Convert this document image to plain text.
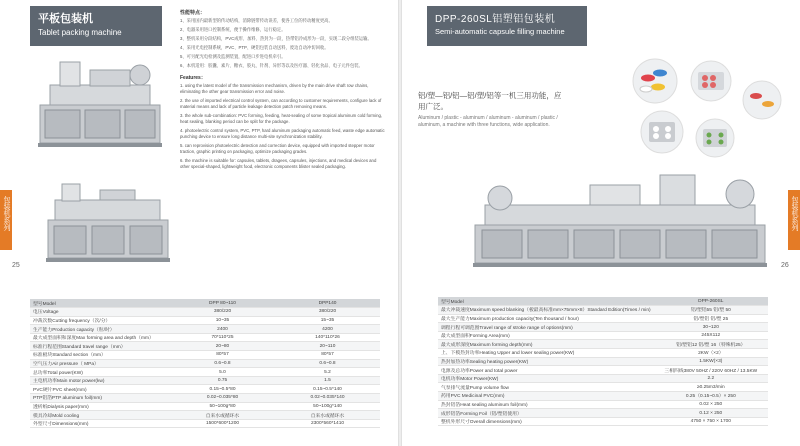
平板包装机
Tablet packing machine
性能特点：

1、采用国内最新型的传动结构，消除链带传动误差，使各工位的传动精度更高。

2、电器采用进口控制系统，便于操作维修，运行稳定。

3、整机采用分段结构，PVC成形、加料、热封为一段，热带铝冷成形为一段，实现二段分组装运输。

4、采用光电控制系统，PVC、PTP、硬铝包装自动送料，废边自动冲切回收。

5、可另配光电检测及监测装置，配进口步进电机牵引。

6、本机适用：胶囊、素片、糖衣、胶丸、针剂、异形等以及医疗器、轻化食品、电子元件包装。

Features：

1. using the latest model of the transmission mechanism, driven by the main drive shaft row chains, eliminating the other gear transmission error and noise.

2. the use of imported electrical control system, can according to customer requirements, configure lack of material means and lack of particle leakage detection patch removing means.

3. the whole sub-combination: PVC forming, feeding, heat-sealing of some tropical aluminum cold forming, heat sealing, blanking period can be split for the package.

4. photoelectric control system, PVC, PTP, hard aluminum packaging automatic feed, waste edge automatic punching device to ensure long distance multi-site synchronization stability.

5. can reprovision photoelectric detection and correction device, equipped with imported stepper motor traction, graphic printing on packaging, optimize packaging grades.

6. the machine is suitable for: capsules, tablets, dragees, capsules, injections, and medical devices and other special-shaped, lightweight food, electronic components blister sealed packaging.

型号Model	DPP 80~110	DPP140
电压Voltage	380/220	380/220
冲裁次数Cutting frequency（次/分）	10~35	15~35
生产能力Production capacity（粒/时）	2400	4200
最大成型面积和深度Max forming area and depth（mm）	70*110*25	140*110*26
标准行程范围Standard travel range（mm）	20~80	20~110
标准板块Standard section（mm）	80*57	80*57
空气压力Air pressure（ MPa）	0.6~0.8	0.6~0.8
总功率Total power(KW)	5.0	5.2
主电机功率Main motor power(kw)	0.75	1.5
PVC硬片PVC sheet(mm)	0.15~0.5*80	0.15~0.5*140
PTP铝箔PTP aluminum foil(mm)	0.02~0.035*80	0.02~0.035*140
透析纸Dialysis paper(mm)	50~100g*80	50~100g*140
模具冷却Mold cooling	自来水或循环水	自来水或循环水
外型尺寸Dimensions(mm)	1500*600*1200	2300*560*1410
包装机系列
25
DPP-260SL铝塑铝包装机
Semi-automatic capsule filling machine
铝/塑—铝/铝—铝/塑/铝等一机三用功能，应用广泛。
Aluminum / plastic - aluminum / aluminum - aluminum / plastic / aluminum, a machine with three functions, wide application.
包装机系列
26
型号Model	DPP-260SL
最大冲裁速度Maximum speed blanking（板最高标准mm×75mm×8）Standard Edition(Times / min)	铝/塑铝55 铝/塑 50
最大生产能力Maximum production capacity(Ten thousand / hour)	铝/塑铝 铝/塑 25
调程行程可调范围Travel range of stroke range of options(mm)	30~120
最大成型面积Forming Area(mm)	245X112
最大成形深度Maximum forming depth(mm)	铝/塑铝12 铝/塑 16（特殊机25）
上、下模热封功率Heating Upper and lower sealing power(KW)	2KW（×2）
热封加热功率Sealing heating power(KW)	1.5KW(×3)
电源及总功率Power and total power	三相四线380V 50HZ / 220V 60HZ / 13.5KW
电机功率Motor Power(KW)	2.2
气泵排气流量Pump volume flow	≥0.25m3/min
药用PVC Medicinal PVC(mm)	0.25（0.15~0.5）× 250
热封铝箔Heat sealing aluminum foil(mm)	0.02 × 250
成形铝箔Forming Foil（铝/塑铝使用）	0.12 × 250
整机外形尺寸Overall dimensions(mm)	4750 × 750 × 1700
